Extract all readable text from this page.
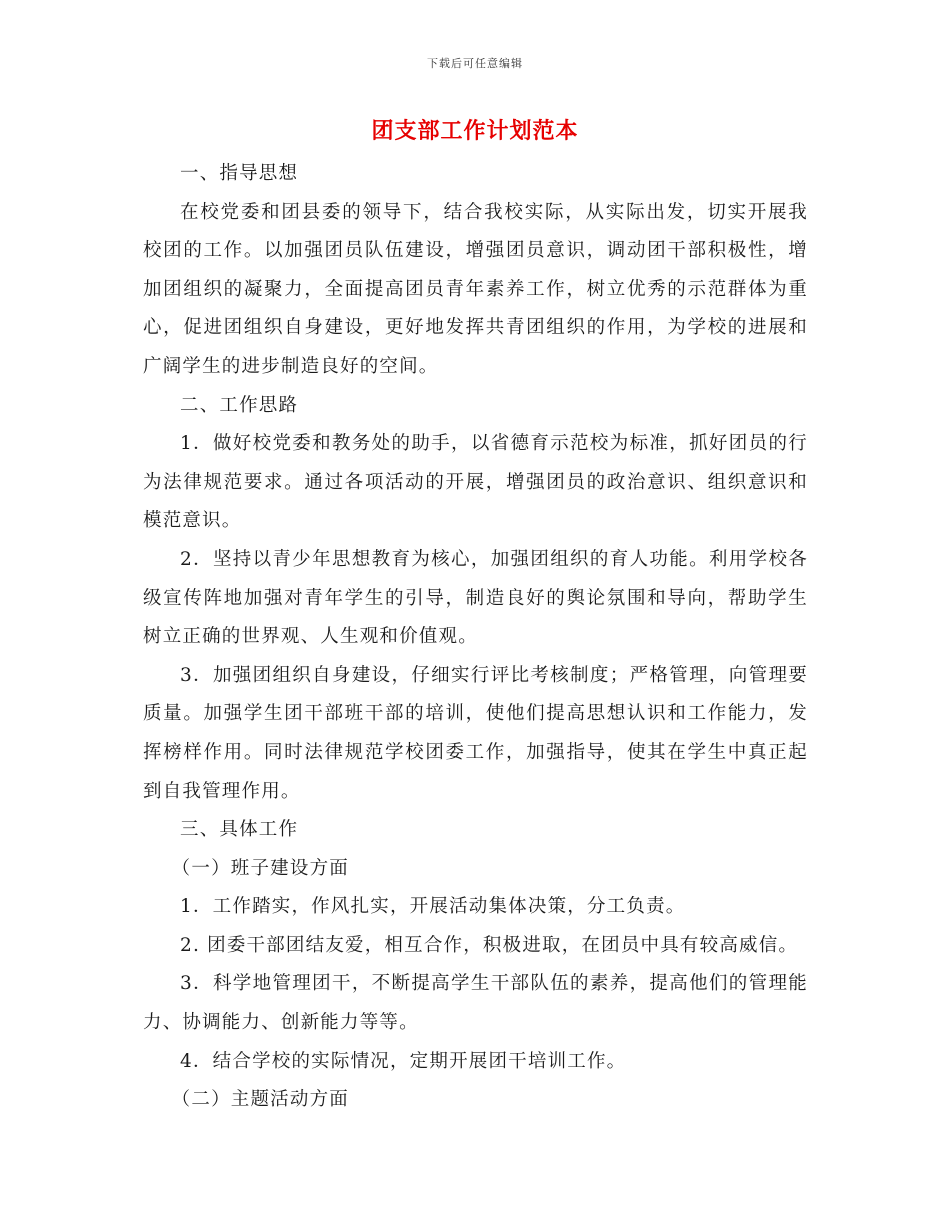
下载后可任意编辑
团支部工作计划范本

一、指导思想

在校党委和团县委的领导下，结合我校实际，从实际出发，切实开展我校团的工作。以加强团员队伍建设，增强团员意识，调动团干部积极性，增加团组织的凝聚力，全面提高团员青年素养工作，树立优秀的示范群体为重心，促进团组织自身建设，更好地发挥共青团组织的作用，为学校的进展和广阔学生的进步制造良好的空间。

二、工作思路

1．做好校党委和教务处的助手，以省德育示范校为标准，抓好团员的行为法律规范要求。通过各项活动的开展，增强团员的政治意识、组织意识和模范意识。

2．坚持以青少年思想教育为核心，加强团组织的育人功能。利用学校各级宣传阵地加强对青年学生的引导，制造良好的舆论氛围和导向，帮助学生树立正确的世界观、人生观和价值观。

3．加强团组织自身建设，仔细实行评比考核制度；严格管理，向管理要质量。加强学生团干部班干部的培训，使他们提高思想认识和工作能力，发挥榜样作用。同时法律规范学校团委工作，加强指导，使其在学生中真正起到自我管理作用。

三、具体工作

（一）班子建设方面

1．工作踏实，作风扎实，开展活动集体决策，分工负责。

2. 团委干部团结友爱，相互合作，积极进取，在团员中具有较高威信。

3．科学地管理团干，不断提高学生干部队伍的素养，提高他们的管理能力、协调能力、创新能力等等。

4．结合学校的实际情况，定期开展团干培训工作。

（二）主题活动方面
